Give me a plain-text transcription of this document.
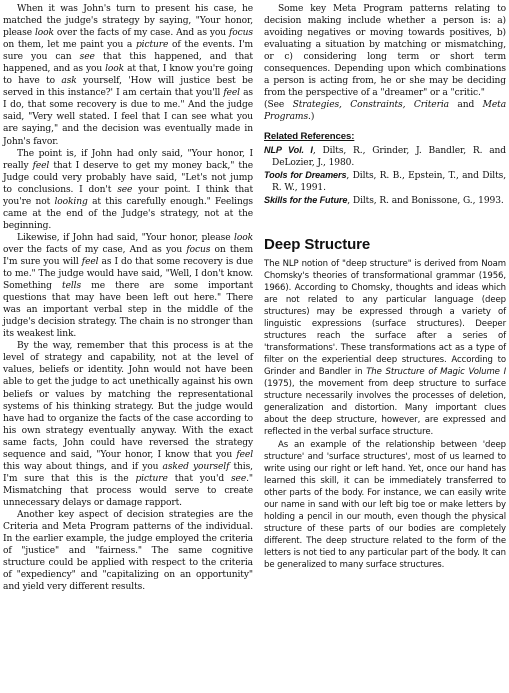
When it was John's turn to present his case, he matched the judge's strategy by saying, "Your honor, please look over the facts of my case. And as you focus on them, let me paint you a picture of the events. I'm sure you can see that this happened, and that happened, and as you look at that, I know you're going to have to ask yourself, 'How will justice best be served in this instance?' I am certain that you'll feel as I do, that some recovery is due to me." And the judge said, "Very well stated. I feel that I can see what you are saying," and the decision was eventually made in John's favor.

The point is, if John had only said, "Your honor, I really feel that I deserve to get my money back," the Judge could very probably have said, "Let's not jump to conclusions. I don't see your point. I think that you're not looking at this carefully enough." Feelings came at the end of the Judge's strategy, not at the beginning.

Likewise, if John had said, "Your honor, please look over the facts of my case, And as you focus on them I'm sure you will feel as I do that some recovery is due to me." The judge would have said, "Well, I don't know. Something tells me there are some important questions that may have been left out here." There was an important verbal step in the middle of the judge's decision strategy. The chain is no stronger than its weakest link.

By the way, remember that this process is at the level of strategy and capability, not at the level of values, beliefs or identity. John would not have been able to get the judge to act unethically against his own beliefs or values by matching the representational systems of his thinking strategy. But the judge would have had to organize the facts of the case according to his own strategy eventually anyway. With the exact same facts, John could have reversed the strategy sequence and said, "Your honor, I know that you feel this way about things, and if you asked yourself this, I'm sure that this is the picture that you'd see." Mismatching that process would serve to create unnecessary delays or damage rapport.

Another key aspect of decision strategies are the Criteria and Meta Program patterns of the individual. In the earlier example, the judge employed the criteria of "justice" and "fairness." The same cognitive structure could be applied with respect to the criteria of "expediency" and "capitalizing on an opportunity" and yield very different results.

Some key Meta Program patterns relating to decision making include whether a person is: a) avoiding negatives or moving towards positives, b) evaluating a situation by matching or mismatching, or c) considering long term or short term consequences. Depending upon which combinations a person is acting from, he or she may be deciding from the perspective of a "dreamer" or a "critic."

(See Strategies, Constraints, Criteria and Meta Programs.)

Related References:
NLP Vol. I, Dilts, R., Grinder, J. Bandler, R. and DeLozier, J., 1980.
Tools for Dreamers, Dilts, R. B., Epstein, T., and Dilts, R. W., 1991.
Skills for the Future, Dilts, R. and Bonissone, G., 1993.
Deep Structure

The NLP notion of "deep structure" is derived from Noam Chomsky's theories of transformational grammar (1956, 1966). According to Chomsky, thoughts and ideas which are not related to any particular language (deep structures) may be expressed through a variety of linguistic expressions (surface structures). Deeper structures reach the surface after a series of 'transformations'. These transformations act as a type of filter on the experiential deep structures. According to Grinder and Bandler in The Structure of Magic Volume I (1975), the movement from deep structure to surface structure necessarily involves the processes of deletion, generalization and distortion. Many important clues about the deep structure, however, are expressed and reflected in the verbal surface structure.

As an example of the relationship between 'deep structure' and 'surface structures', most of us learned to write using our right or left hand. Yet, once our hand has learned this skill, it can be immediately transferred to other parts of the body. For instance, we can easily write our name in sand with our left big toe or make letters by holding a pencil in our mouth, even though the physical structure of these parts of our bodies are completely different. The deep structure related to the form of the letters is not tied to any particular part of the body. It can be generalized to many surface structures.
